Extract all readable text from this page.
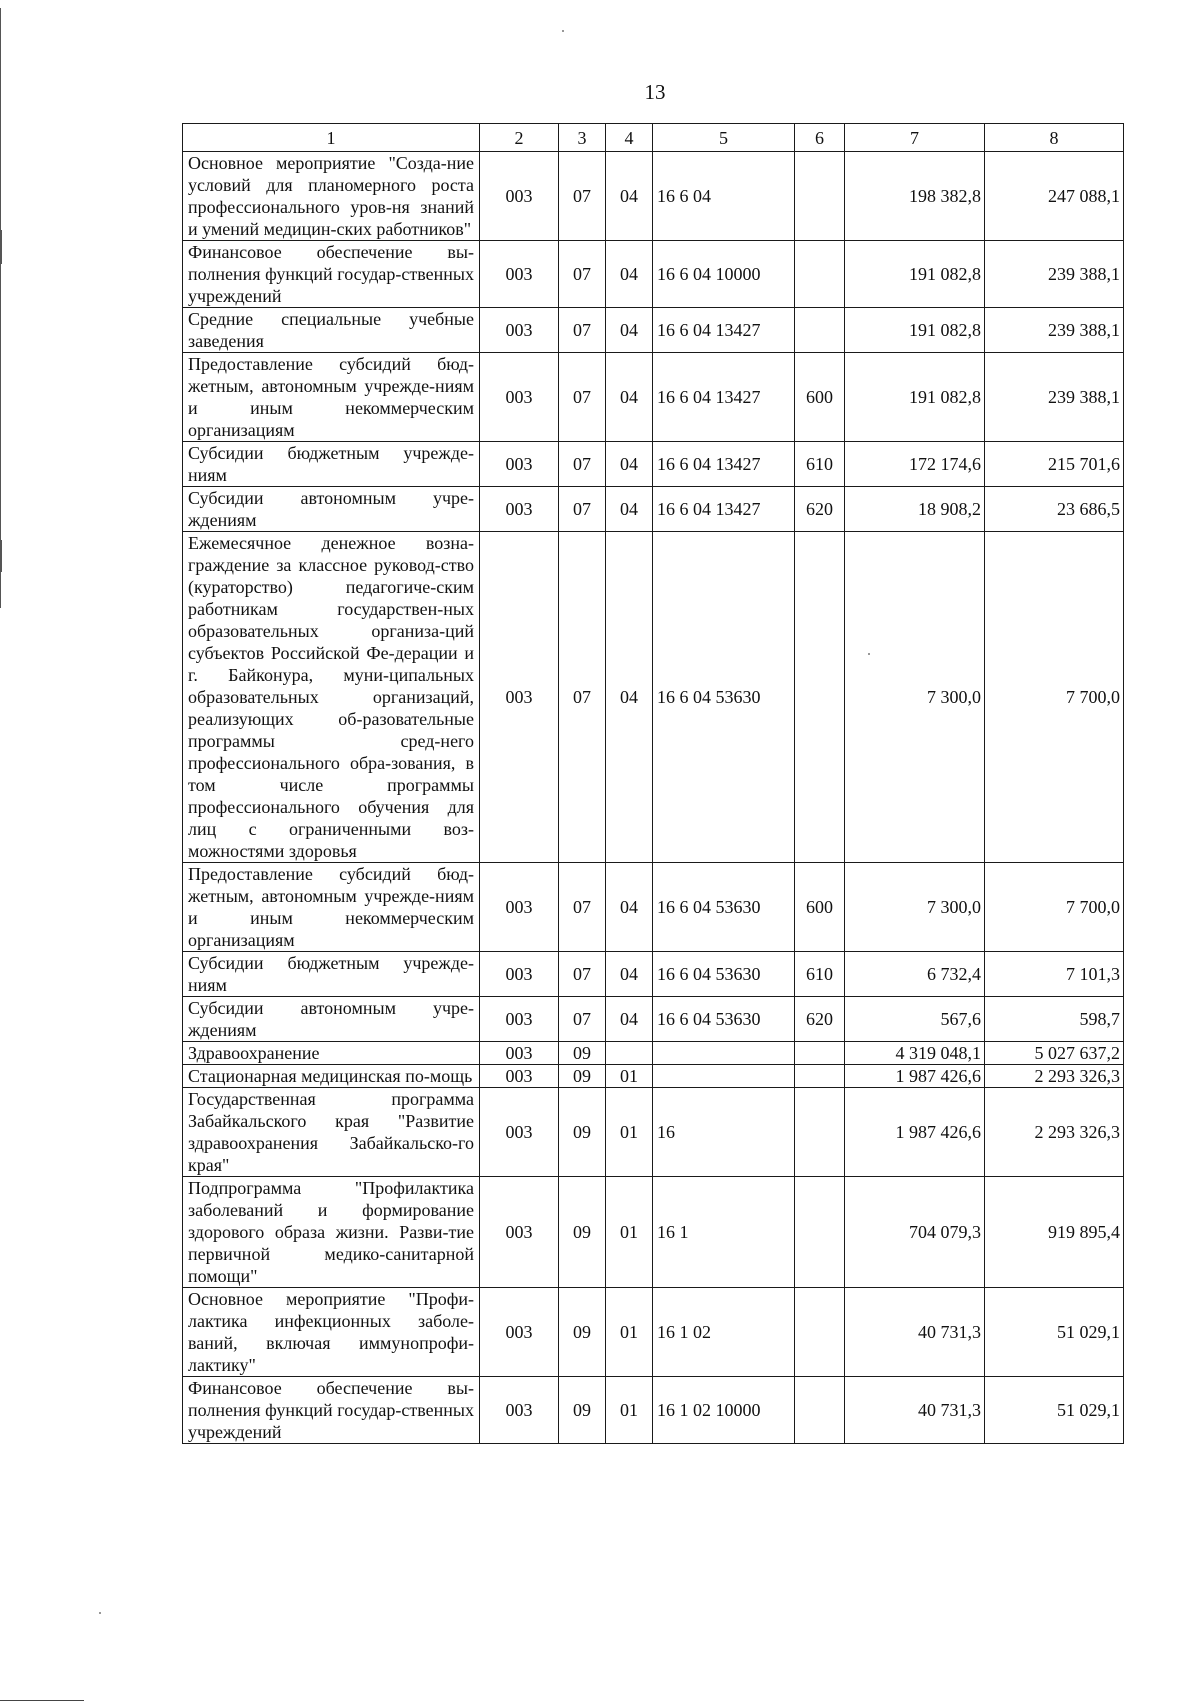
13
1	2	3	4	5	6	7	8
Основное мероприятие "Созда-ние условий для планомерного роста профессионального уров-ня знаний и умений медицин-ских работников"	003	07	04	16 6 04		198 382,8	247 088,1
Финансовое обеспечение вы-полнения функций государ-ственных учреждений	003	07	04	16 6 04 10000		191 082,8	239 388,1
Средние специальные учебные заведения	003	07	04	16 6 04 13427		191 082,8	239 388,1
Предоставление субсидий бюд-жетным, автономным учрежде-ниям и иным некоммерческим организациям	003	07	04	16 6 04 13427	600	191 082,8	239 388,1
Субсидии бюджетным учрежде-ниям	003	07	04	16 6 04 13427	610	172 174,6	215 701,6
Субсидии автономным учре-ждениям	003	07	04	16 6 04 13427	620	18 908,2	23 686,5
Ежемесячное денежное возна-граждение за классное руковод-ство (кураторство) педагогиче-ским работникам государствен-ных образовательных организа-ций субъектов Российской Фе-дерации и г. Байконура, муни-ципальных образовательных организаций, реализующих об-разовательные программы сред-него профессионального обра-зования, в том числе программы профессионального обучения для лиц с ограниченными воз-можностями здоровья	003	07	04	16 6 04 53630		7 300,0	7 700,0
Предоставление субсидий бюд-жетным, автономным учрежде-ниям и иным некоммерческим организациям	003	07	04	16 6 04 53630	600	7 300,0	7 700,0
Субсидии бюджетным учрежде-ниям	003	07	04	16 6 04 53630	610	6 732,4	7 101,3
Субсидии автономным учре-ждениям	003	07	04	16 6 04 53630	620	567,6	598,7
Здравоохранение	003	09				4 319 048,1	5 027 637,2
Стационарная медицинская по-мощь	003	09	01			1 987 426,6	2 293 326,3
Государственная программа Забайкальского края "Развитие здравоохранения Забайкальско-го края"	003	09	01	16		1 987 426,6	2 293 326,3
Подпрограмма "Профилактика заболеваний и формирование здорового образа жизни. Разви-тие первичной медико-санитарной помощи"	003	09	01	16 1		704 079,3	919 895,4
Основное мероприятие "Профи-лактика инфекционных заболе-ваний, включая иммунопрофи-лактику"	003	09	01	16 1 02		40 731,3	51 029,1
Финансовое обеспечение вы-полнения функций государ-ственных учреждений	003	09	01	16 1 02 10000		40 731,3	51 029,1
